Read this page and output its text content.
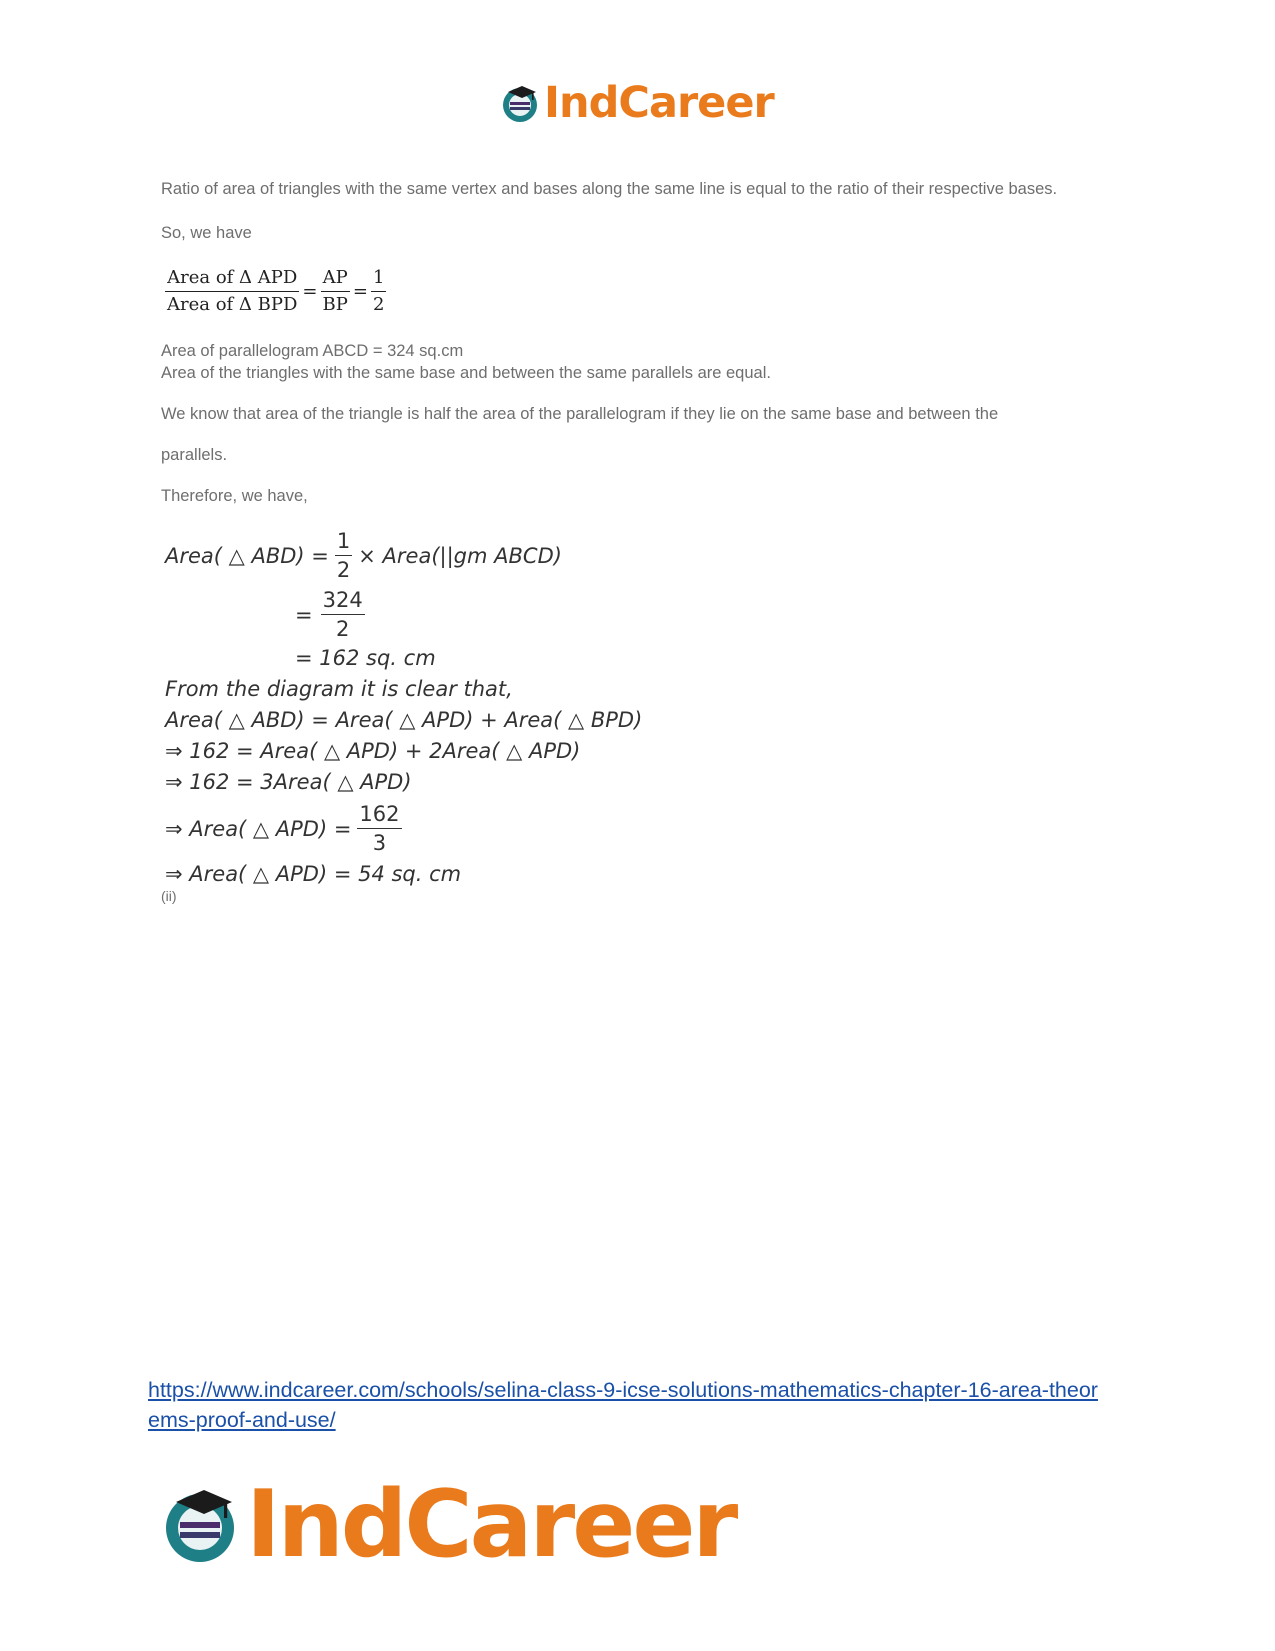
IndCareer
Ratio of area of triangles with the same vertex and bases along the same line is equal to the ratio of their respective bases.
So, we have
$\frac{\text{Area of Δ APD}}{\text{Area of Δ BPD}} = \frac{AP}{BP} = \frac{1}{2}$
Area of parallelogram ABCD = 324 sq.cm
Area of the triangles with the same base and between the same parallels are equal.
We know that area of the triangle is half the area of the parallelogram if they lie on the same base and between the
parallels.
Therefore, we have,
Area( △ $ABD) = \frac{1}{2}$ × Area(||gm ABCD)
= $\frac{324}{2}$
= 162 sq. cm
From the diagram it is clear that,
Area( △ ABD) = Area( △ APD) + Area( △ BPD)
⇒ 162 = Area( △ APD) + 2Area( △ APD)
⇒ 162 = 3Area( △ APD)
⇒ Area( △ $APD) = \frac{162}{3}$
⇒ Area( △ APD) = 54 sq. cm
(ii)
https://www.indcareer.com/schools/selina-class-9-icse-solutions-mathematics-chapter-16-area-theorems-proof-and-use/
IndCareer
